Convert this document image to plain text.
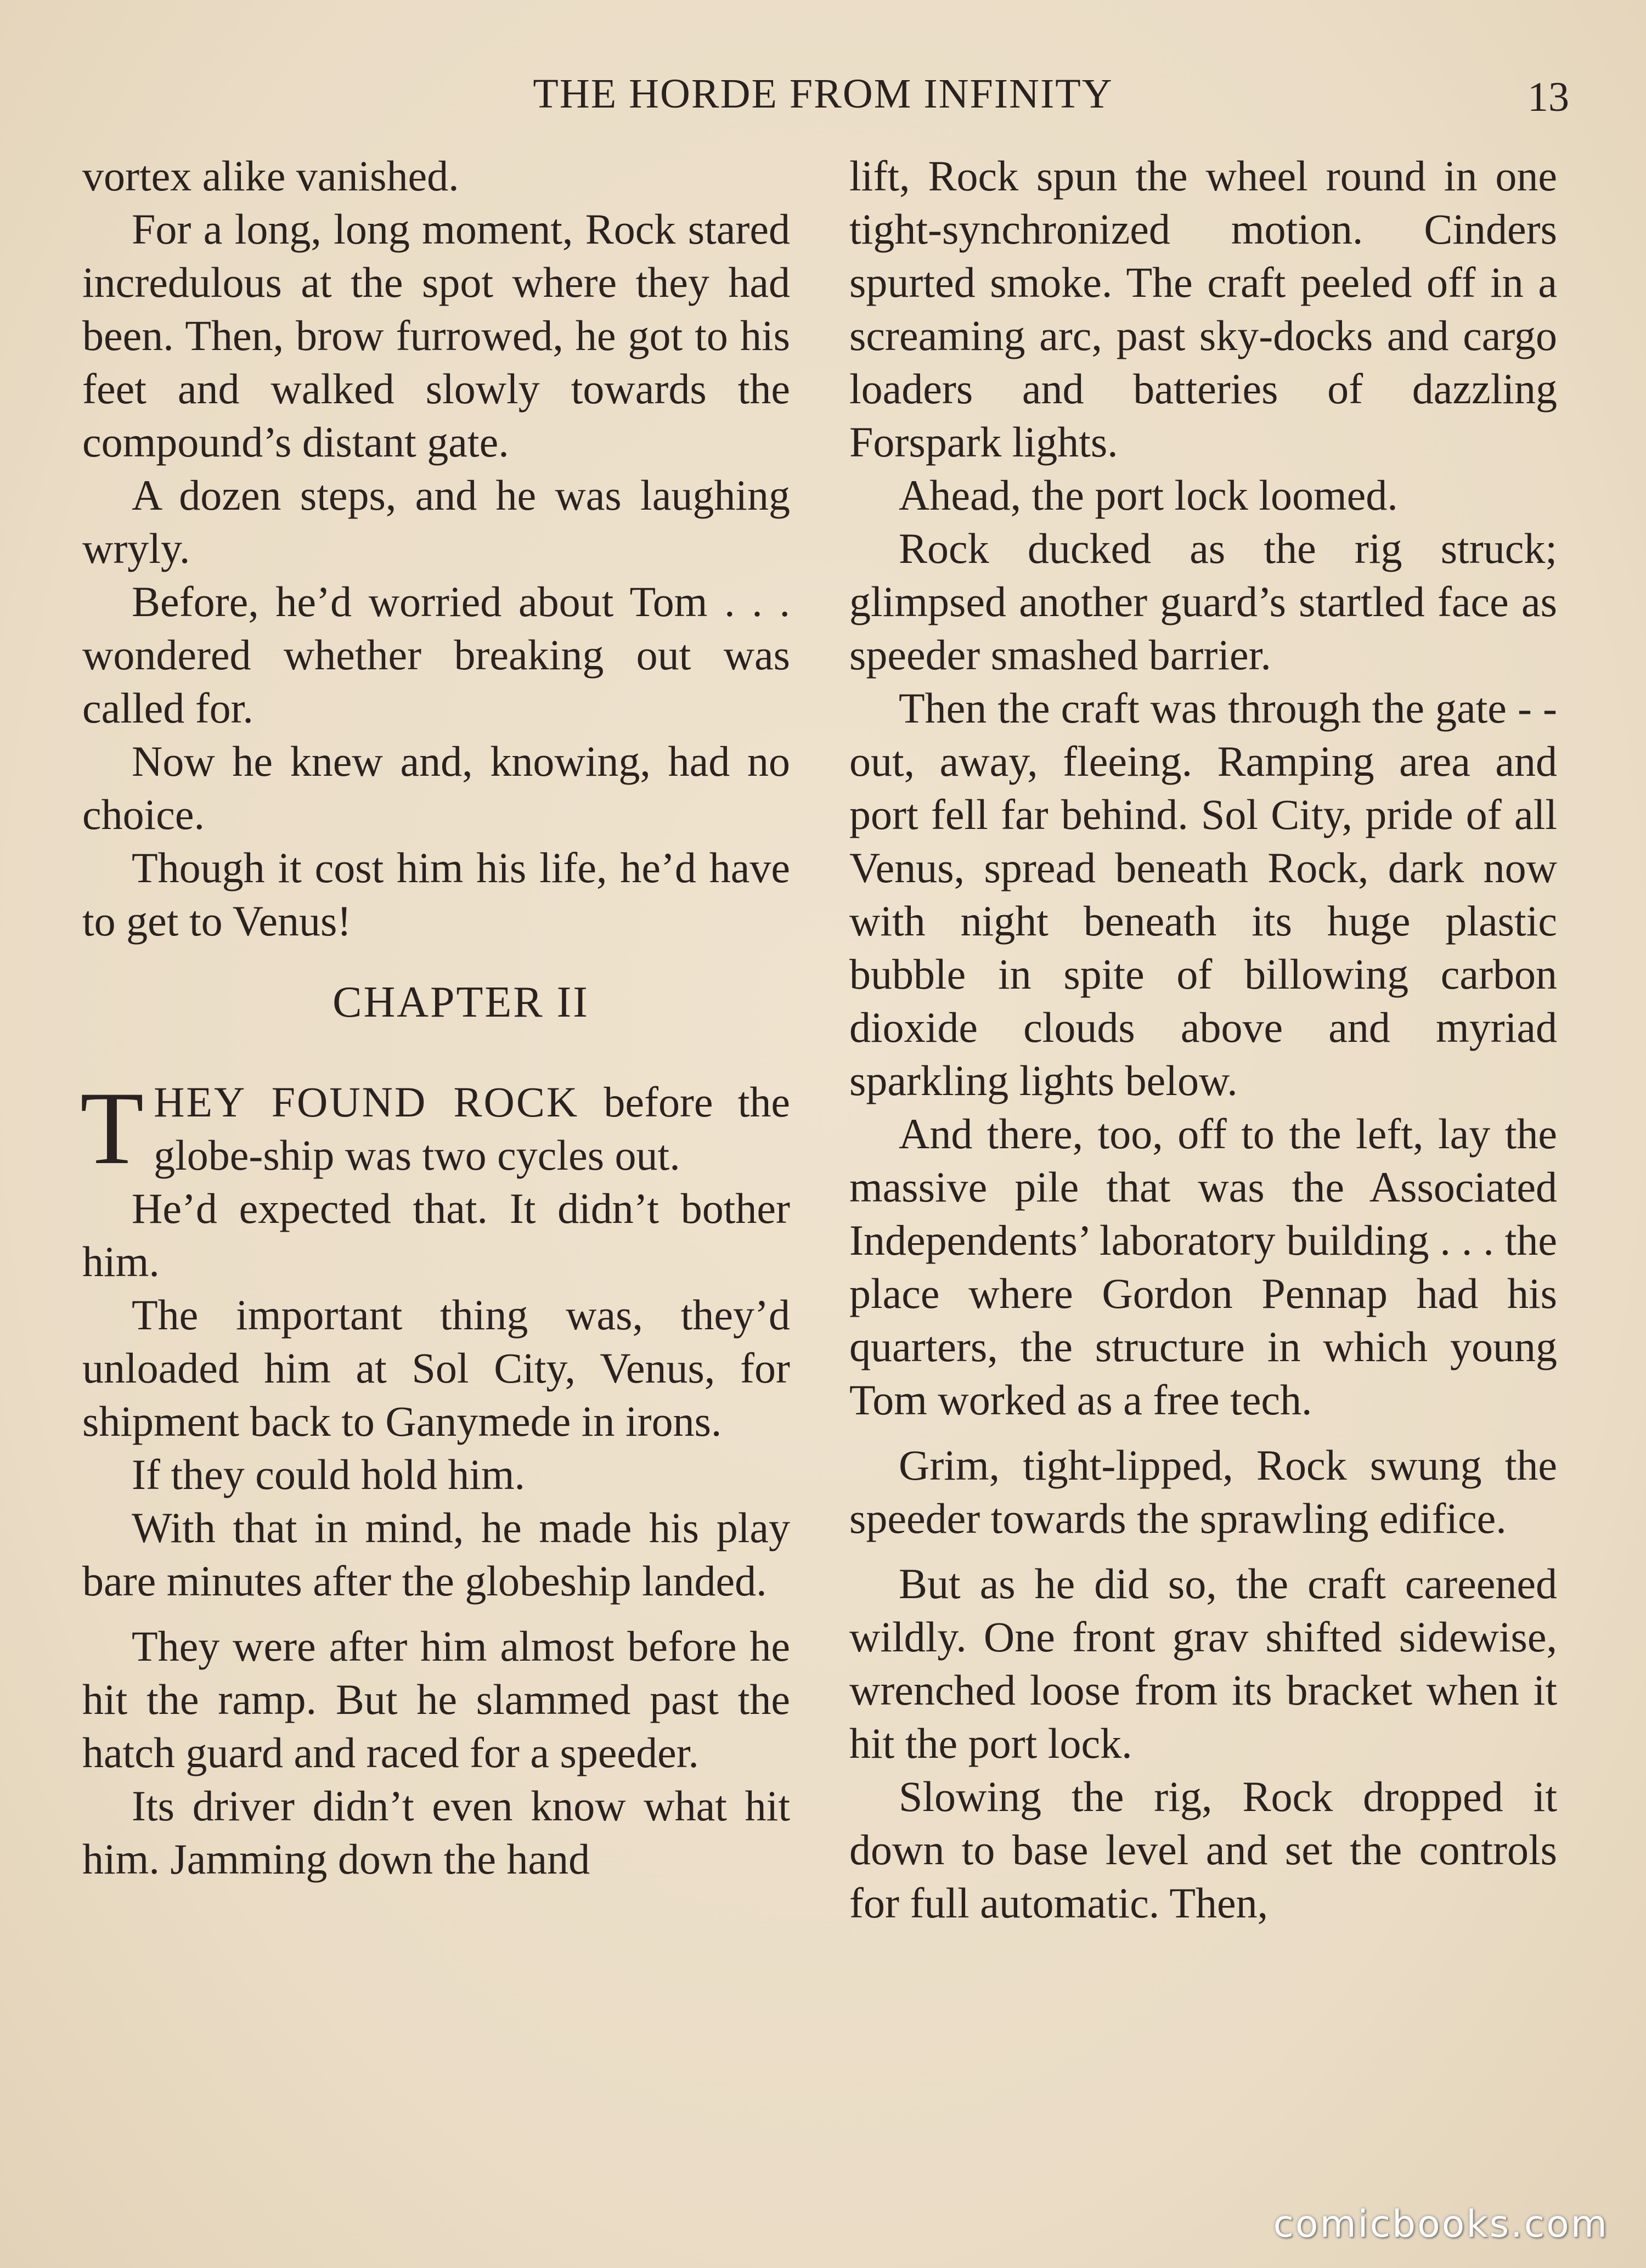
THE HORDE FROM INFINITY	13

vortex alike vanished.

For a long, long moment, Rock stared incredulous at the spot where they had been. Then, brow furrowed, he got to his feet and walked slowly towards the compound’s distant gate.

A dozen steps, and he was laughing wryly.

Before, he’d worried about Tom . . . wondered whether breaking out was called for.

Now he knew and, knowing, had no choice.

Though it cost him his life, he’d have to get to Venus!

CHAPTER II

THEY FOUND ROCK before the globe-ship was two cycles out.

He’d expected that. It didn’t bother him.

The important thing was, they’d unloaded him at Sol City, Venus, for shipment back to Ganymede in irons.

If they could hold him.

With that in mind, he made his play bare minutes after the globeship landed.

They were after him almost before he hit the ramp. But he slammed past the hatch guard and raced for a speeder.

Its driver didn’t even know what hit him. Jamming down the hand

lift, Rock spun the wheel round in one tight-synchronized motion. Cinders spurted smoke. The craft peeled off in a screaming arc, past sky-docks and cargo loaders and batteries of dazzling Forspark lights.

Ahead, the port lock loomed.

Rock ducked as the rig struck; glimpsed another guard’s startled face as speeder smashed barrier.

Then the craft was through the gate - - out, away, fleeing. Ramping area and port fell far behind. Sol City, pride of all Venus, spread beneath Rock, dark now with night beneath its huge plastic bubble in spite of billowing carbon dioxide clouds above and myriad sparkling lights below.

And there, too, off to the left, lay the massive pile that was the Associated Independents’ laboratory building . . . the place where Gordon Pennap had his quarters, the structure in which young Tom worked as a free tech.

Grim, tight-lipped, Rock swung the speeder towards the sprawling edifice.

But as he did so, the craft careened wildly. One front grav shifted sidewise, wrenched loose from its bracket when it hit the port lock.

Slowing the rig, Rock dropped it down to base level and set the controls for full automatic. Then,

comicbooks.com
